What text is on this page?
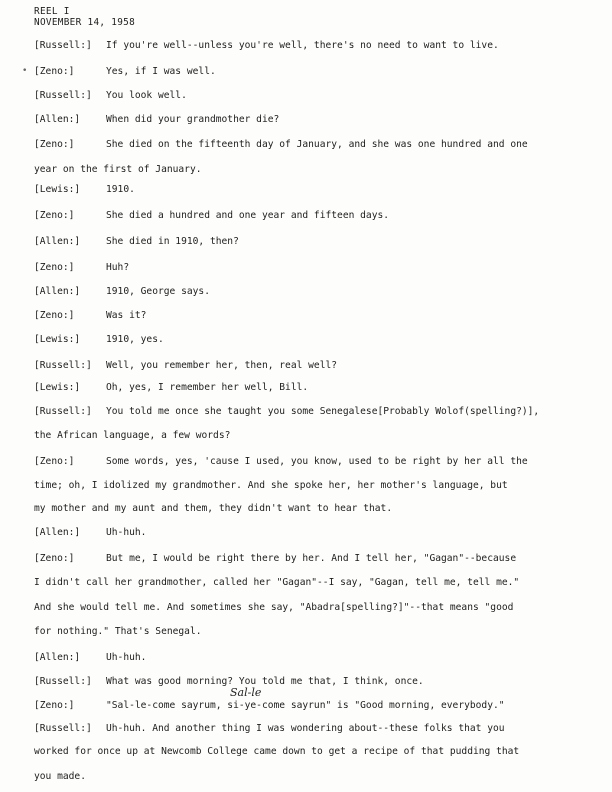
REEL I
NOVEMBER 14, 1958
[Russell:] If you're well--unless you're well, there's no need to want to live.
[Zeno:]	Yes, if I was well.
[Russell:] You look well.
[Allen:]	When did your grandmother die?
[Zeno:]	She died on the fifteenth day of January, and she was one hundred and one
year on the first of January.
[Lewis:]	1910.
[Zeno:]	She died a hundred and one year and fifteen days.
[Allen:]	She died in 1910, then?
[Zeno:]	Huh?
[Allen:]	1910, George says.
[Zeno:]	Was it?
[Lewis:]	1910, yes.
[Russell:] Well, you remember her, then, real well?
[Lewis:]	Oh, yes, I remember her well, Bill.
[Russell:] You told me once she taught you some Senegalese[Probably Wolof(spelling?)],
the African language, a few words?
[Zeno:]	Some words, yes, 'cause I used, you know, used to be right by her all the
time; oh, I idolized my grandmother. And she spoke her, her mother's language, but
my mother and my aunt and them, they didn't want to hear that.
[Allen:]	Uh-huh.
[Zeno:]	But me, I would be right there by her. And I tell her, "Gagan"--because
I didn't call her grandmother, called her "Gagan"--I say, "Gagan, tell me, tell me."
And she would tell me. And sometimes she say, "Abadra[spelling?]"--that means "good
for nothing." That's Senegal.
[Allen:]	Uh-huh.
[Russell:] What was good morning? You told me that, I think, once.
[Zeno:]	"Sal-le-come sayrum, si-ye-come sayrun" is "Good morning, everybody."
[Russell:] Uh-huh. And another thing I was wondering about--these folks that you
worked for once up at Newcomb College came down to get a recipe of that pudding that
you made.
Sal-le
•
